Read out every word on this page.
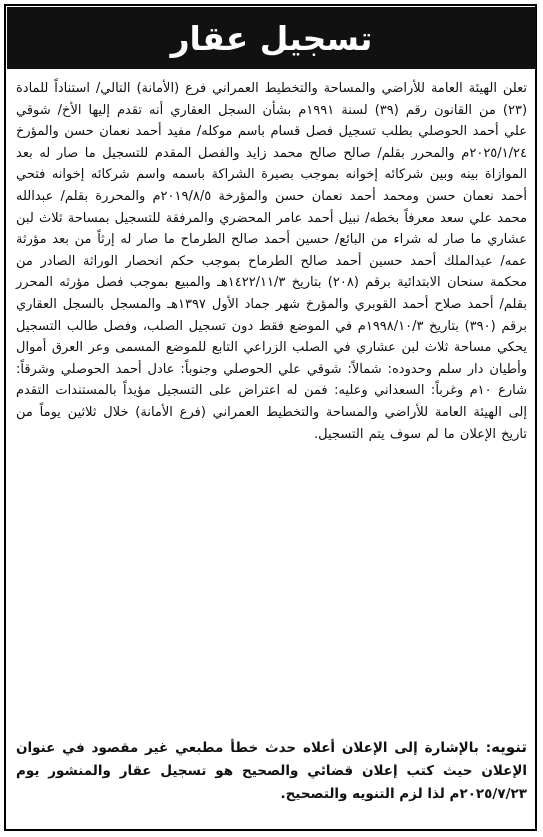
تسجيل عقار
تعلن الهيئة العامة للأراضي والمساحة والتخطيط العمراني فرع (الأمانة) التالي/ استناداً للمادة (٢٣) من القانون رقم (٣٩) لسنة ١٩٩١م بشأن السجل العقاري أنه تقدم إليها الأخ/ شوقي علي أحمد الحوصلي بطلب تسجيل فصل قسام باسم موكله/ مفيد أحمد نعمان حسن والمؤرخ ٢٠٢٥/١/٢٤م والمحرر بقلم/ صالح صالح محمد زايد والفصل المقدم للتسجيل ما صار له بعد الموازاة بينه وبين شركائه إخوانه بموجب بصيرة الشراكة باسمه واسم شركائه إخوانه فتحي أحمد نعمان حسن ومحمد أحمد نعمان حسن والمؤرخة ٢٠١٩/٨/٥م والمحررة بقلم/ عبدالله محمد علي سعد معرفاً بخطه/ نبيل أحمد عامر المحضري والمرفقة للتسجيل بمساحة ثلاث لبن عشاري ما صار له شراء من البائع/ حسين أحمد صالح الطرماح ما صار له إرثاً من بعد مؤرثة عمه/ عبدالملك أحمد حسين أحمد صالح الطرماح بموجب حكم انحصار الوراثة الصادر من محكمة سنحان الابتدائية برقم (٢٠٨) بتاريخ ١٤٢٢/١١/٣هـ والمبيع بموجب فصل مؤرثه المحرر بقلم/ أحمد صلاح أحمد القوبري والمؤرخ شهر جماد الأول ١٣٩٧هـ والمسجل بالسجل العقاري برقم (٣٩٠) بتاريخ ١٩٩٨/١٠/٣م في الموضع فقط دون تسجيل الصلب، وفصل طالب التسجيل يحكي مساحة ثلاث لبن عشاري في الصلب الزراعي التابع للموضع المسمى وعر العرق أموال وأطيان دار سلم وحدوده: شمالاً: شوقي علي الحوصلي وجنوباً: عادل أحمد الحوصلي وشرقاً: شارع ١٠م وغرباً: السعداني وعليه: فمن له اعتراض على التسجيل مؤيداً بالمستندات التقدم إلى الهيئة العامة للأراضي والمساحة والتخطيط العمراني (فرع الأمانة) خلال ثلاثين يوماً من تاريخ الإعلان ما لم سوف يتم التسجيل.
تنويه: بالإشارة إلى الإعلان أعلاه حدث خطأ مطبعي غير مقصود في عنوان الإعلان حيث كتب إعلان قضائي والصحيح هو تسجيل عقار والمنشور يوم ٢٠٢٥/٧/٢٣م لذا لزم التنويه والتصحيح.
